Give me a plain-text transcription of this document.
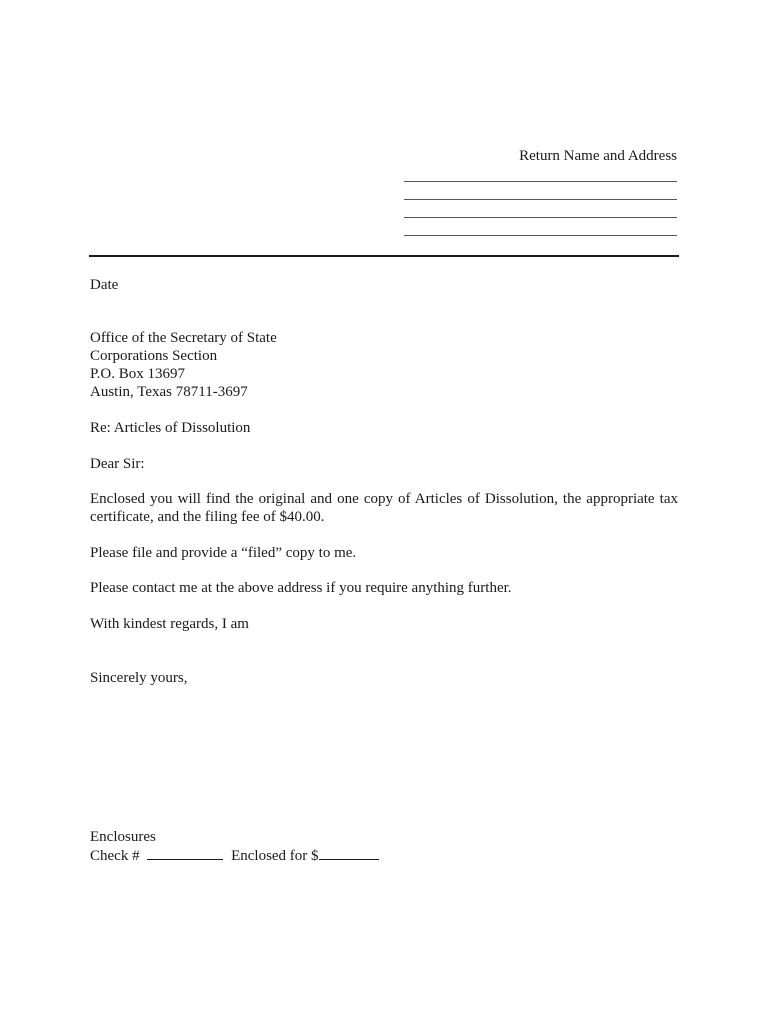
Return Name and Address
Date
Office of the Secretary of State
Corporations Section
P.O. Box 13697
Austin, Texas 78711-3697
Re: Articles of Dissolution
Dear Sir:
Enclosed you will find the original and one copy of Articles of Dissolution, the appropriate tax certificate, and the filing fee of $40.00.
Please file and provide a “filed” copy to me.
Please contact me at the above address if you require anything further.
With kindest regards, I am
Sincerely yours,
Enclosures
Check #	Enclosed for $
